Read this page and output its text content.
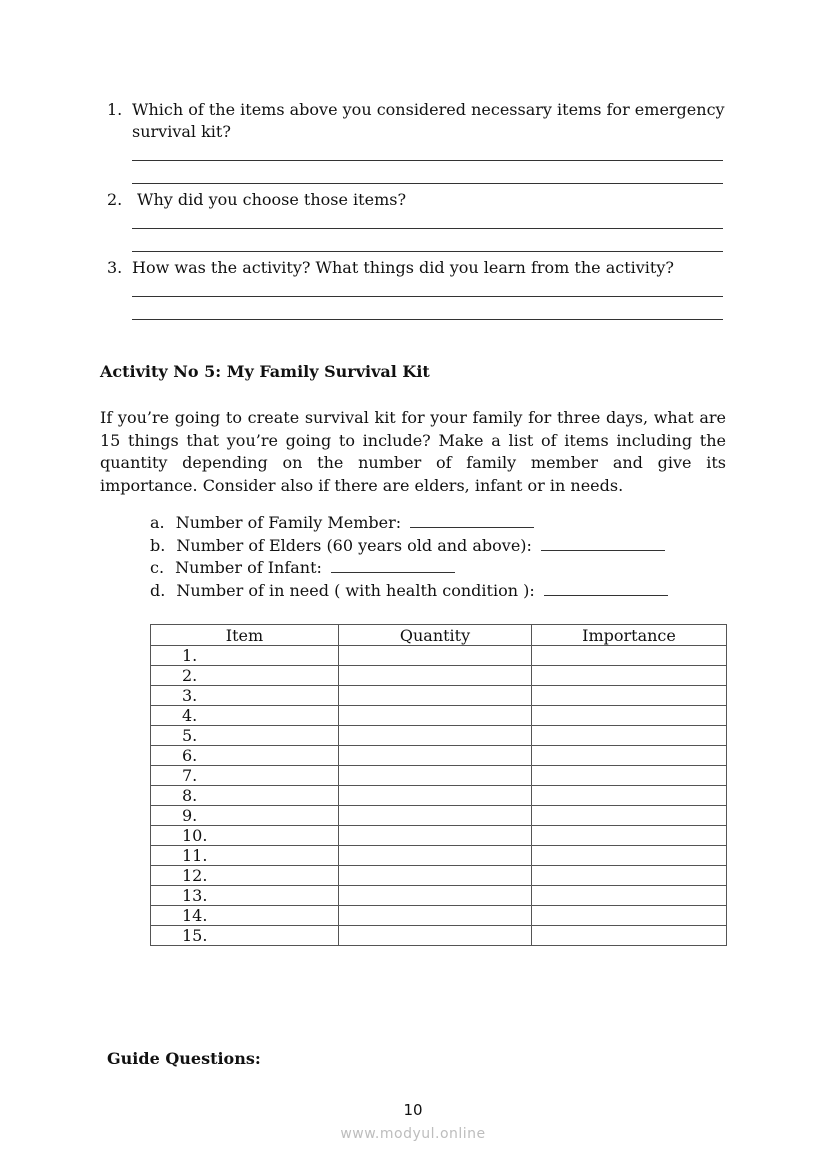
1. Which of the items above you considered necessary items for emergency
survival kit?
2. Why did you choose those items?
3. How was the activity? What things did you learn from the activity?
Activity No 5: My Family Survival Kit
If you’re going to create survival kit for your family for three days, what are 15 things that you’re going to include? Make a list of items including the quantity depending on the number of family member and give its importance. Consider also if there are elders, infant or in needs.
a. Number of Family Member:
b. Number of Elders (60 years old and above):
c. Number of Infant:
d. Number of in need ( with health condition ):
Item	Quantity	Importance
1.		
2.		
3.		
4.		
5.		
6.		
7.		
8.		
9.		
10.		
11.		
12.		
13.		
14.		
15.		
Guide Questions:
10
www.modyul.online
